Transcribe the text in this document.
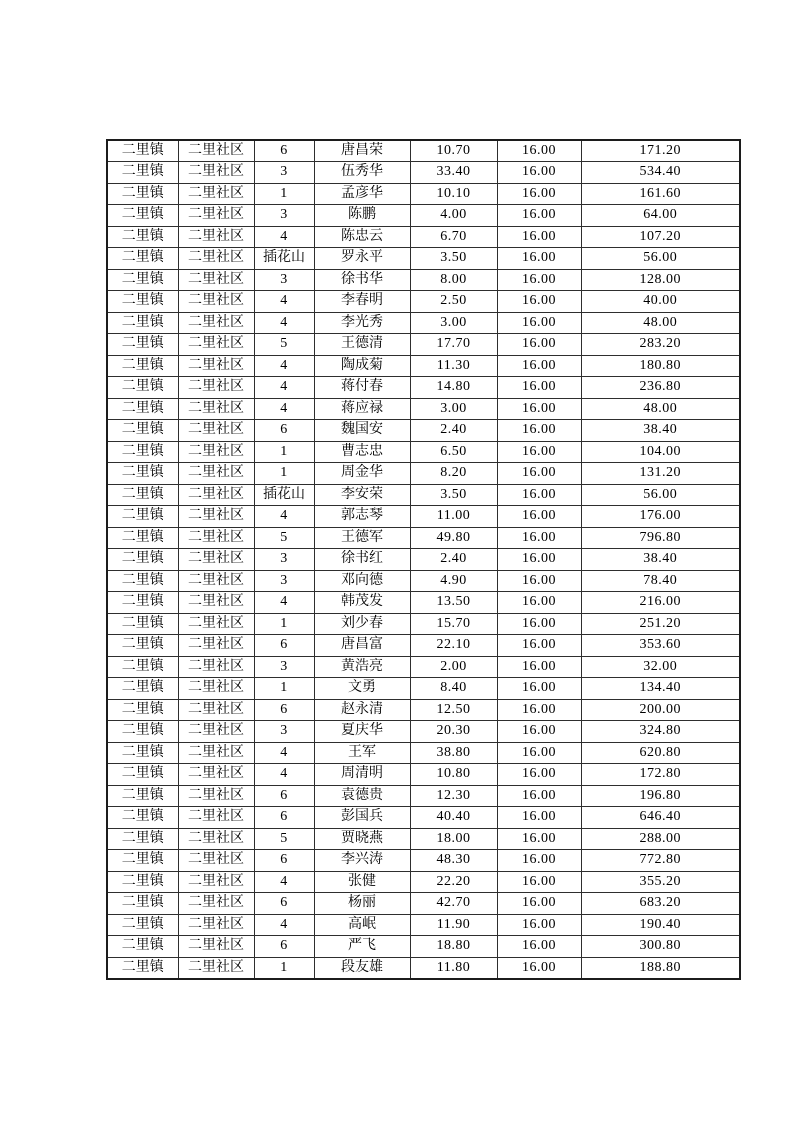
二里镇	二里社区	6	唐昌荣	10.70	16.00	171.20
二里镇	二里社区	3	伍秀华	33.40	16.00	534.40
二里镇	二里社区	1	孟彦华	10.10	16.00	161.60
二里镇	二里社区	3	陈鹏	4.00	16.00	64.00
二里镇	二里社区	4	陈忠云	6.70	16.00	107.20
二里镇	二里社区	插花山	罗永平	3.50	16.00	56.00
二里镇	二里社区	3	徐书华	8.00	16.00	128.00
二里镇	二里社区	4	李春明	2.50	16.00	40.00
二里镇	二里社区	4	李光秀	3.00	16.00	48.00
二里镇	二里社区	5	王德清	17.70	16.00	283.20
二里镇	二里社区	4	陶成菊	11.30	16.00	180.80
二里镇	二里社区	4	蒋付春	14.80	16.00	236.80
二里镇	二里社区	4	蒋应禄	3.00	16.00	48.00
二里镇	二里社区	6	魏国安	2.40	16.00	38.40
二里镇	二里社区	1	曹志忠	6.50	16.00	104.00
二里镇	二里社区	1	周金华	8.20	16.00	131.20
二里镇	二里社区	插花山	李安荣	3.50	16.00	56.00
二里镇	二里社区	4	郭志琴	11.00	16.00	176.00
二里镇	二里社区	5	王德军	49.80	16.00	796.80
二里镇	二里社区	3	徐书红	2.40	16.00	38.40
二里镇	二里社区	3	邓向德	4.90	16.00	78.40
二里镇	二里社区	4	韩茂发	13.50	16.00	216.00
二里镇	二里社区	1	刘少春	15.70	16.00	251.20
二里镇	二里社区	6	唐昌富	22.10	16.00	353.60
二里镇	二里社区	3	黄浩亮	2.00	16.00	32.00
二里镇	二里社区	1	文勇	8.40	16.00	134.40
二里镇	二里社区	6	赵永清	12.50	16.00	200.00
二里镇	二里社区	3	夏庆华	20.30	16.00	324.80
二里镇	二里社区	4	王军	38.80	16.00	620.80
二里镇	二里社区	4	周清明	10.80	16.00	172.80
二里镇	二里社区	6	袁德贵	12.30	16.00	196.80
二里镇	二里社区	6	彭国兵	40.40	16.00	646.40
二里镇	二里社区	5	贾晓燕	18.00	16.00	288.00
二里镇	二里社区	6	李兴涛	48.30	16.00	772.80
二里镇	二里社区	4	张健	22.20	16.00	355.20
二里镇	二里社区	6	杨丽	42.70	16.00	683.20
二里镇	二里社区	4	高岷	11.90	16.00	190.40
二里镇	二里社区	6	严飞	18.80	16.00	300.80
二里镇	二里社区	1	段友雄	11.80	16.00	188.80
